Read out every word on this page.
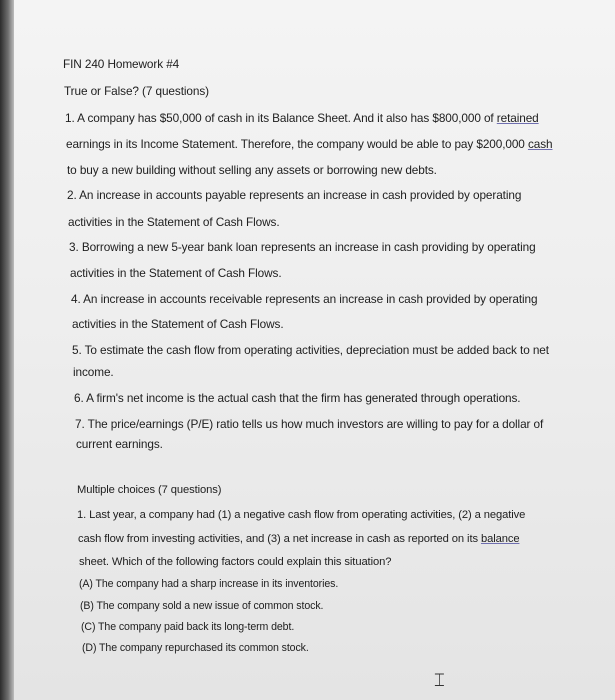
FIN 240 Homework #4
True or False? (7 questions)
1. A company has $50,000 of cash in its Balance Sheet. And it also has $800,000 of retained
earnings in its Income Statement. Therefore, the company would be able to pay $200,000 cash
to buy a new building without selling any assets or borrowing new debts.
2. An increase in accounts payable represents an increase in cash provided by operating
activities in the Statement of Cash Flows.
3. Borrowing a new 5-year bank loan represents an increase in cash providing by operating
activities in the Statement of Cash Flows.
4. An increase in accounts receivable represents an increase in cash provided by operating
activities in the Statement of Cash Flows.
5. To estimate the cash flow from operating activities, depreciation must be added back to net
income.
6. A firm's net income is the actual cash that the firm has generated through operations.
7. The price/earnings (P/E) ratio tells us how much investors are willing to pay for a dollar of
current earnings.
Multiple choices (7 questions)
1. Last year, a company had (1) a negative cash flow from operating activities, (2) a negative
cash flow from investing activities, and (3) a net increase in cash as reported on its balance
sheet. Which of the following factors could explain this situation?
(A) The company had a sharp increase in its inventories.
(B) The company sold a new issue of common stock.
(C) The company paid back its long-term debt.
(D) The company repurchased its common stock.
⌶
